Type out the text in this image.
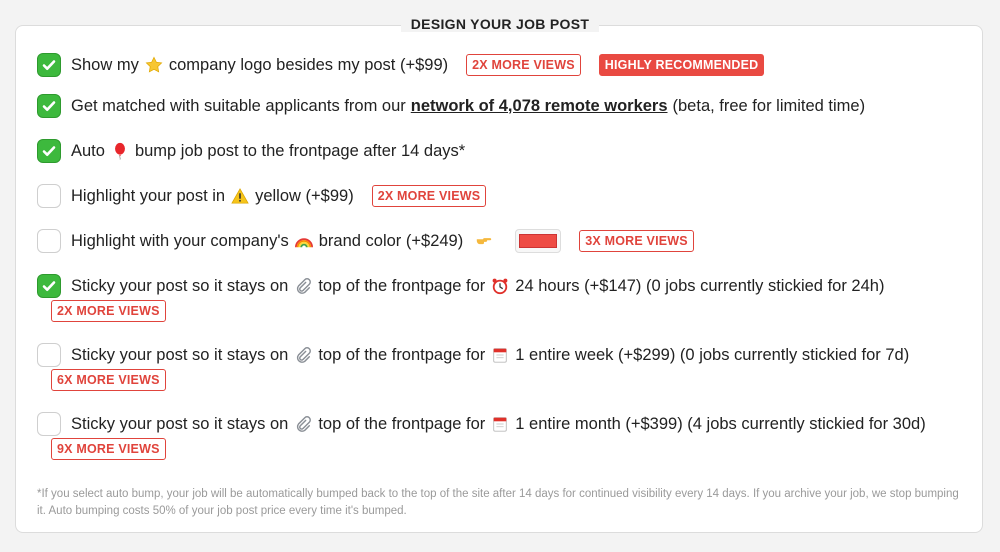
DESIGN YOUR JOB POST
Show my company logo besides my post (+$99)	2X MORE VIEWS	HIGHLY RECOMMENDED
Get matched with suitable applicants from our network of 4,078 remote workers (beta, free for limited time)
Auto bump job post to the frontpage after 14 days*
Highlight your post in yellow (+$99)	2X MORE VIEWS
Highlight with your company's brand color (+$249)	3X MORE VIEWS
Sticky your post so it stays on top of the frontpage for 24 hours (+$147) (0 jobs currently stickied for 24h)
2X MORE VIEWS
Sticky your post so it stays on top of the frontpage for 1 entire week (+$299) (0 jobs currently stickied for 7d)
6X MORE VIEWS
Sticky your post so it stays on top of the frontpage for 1 entire month (+$399) (4 jobs currently stickied for 30d)
9X MORE VIEWS
*If you select auto bump, your job will be automatically bumped back to the top of the site after 14 days for continued visibility every 14 days. If you archive your job, we stop bumping it. Auto bumping costs 50% of your job post price every time it's bumped.
